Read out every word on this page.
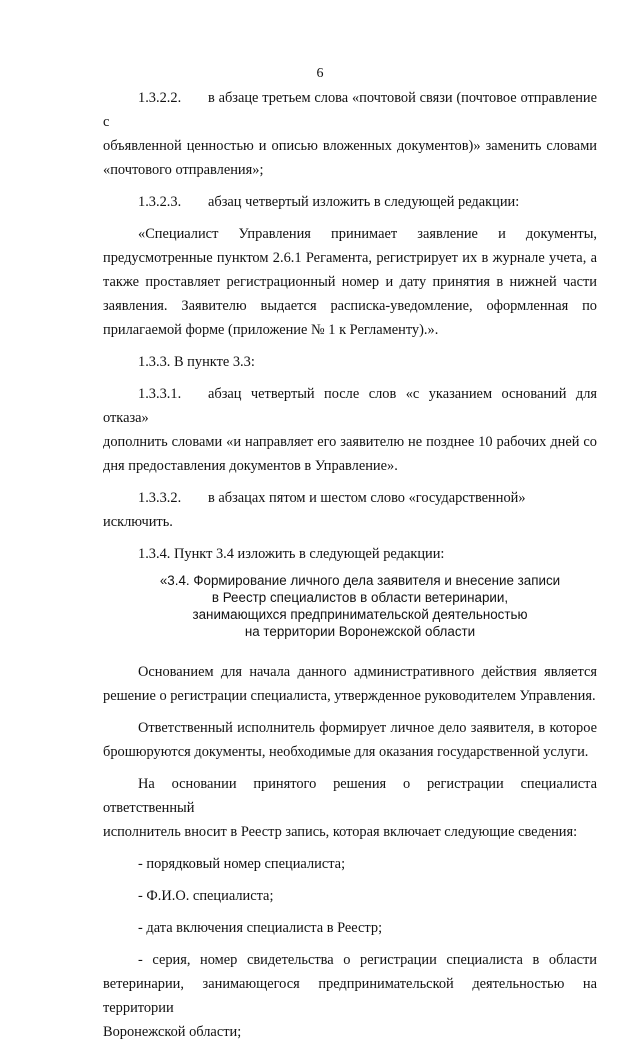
6

1.3.2.2. в абзаце третьем слова «почтовой связи (почтовое отправление с

объявленной ценностью и описью вложенных документов)» заменить словами

«почтового отправления»;

1.3.2.3. абзац четвертый изложить в следующей редакции:

«Специалист Управления принимает заявление и документы,

предусмотренные пунктом 2.6.1 Регамента, регистрирует их в журнале учета, а

также проставляет регистрационный номер и дату принятия в нижней части

заявления. Заявителю выдается расписка-уведомление, оформленная по

прилагаемой форме (приложение № 1 к Регламенту).».

1.3.3. В пункте 3.3:

1.3.3.1. абзац четвертый после слов «с указанием оснований для отказа»

дополнить словами «и направляет его заявителю не позднее 10 рабочих дней со

дня предоставления документов в Управление».

1.3.3.2. в абзацах пятом и шестом слово «государственной» исключить.

1.3.4. Пункт 3.4 изложить в следующей редакции:

«3.4. Формирование личного дела заявителя и внесение записи
в Реестр специалистов в области ветеринарии,
занимающихся предпринимательской деятельностью
на территории Воронежской области

Основанием для начала данного административного действия является

решение о регистрации специалиста, утвержденное руководителем Управления.

Ответственный исполнитель формирует личное дело заявителя, в которое

брошюруются документы, необходимые для оказания государственной услуги.

На основании принятого решения о регистрации специалиста ответственный

исполнитель вносит в Реестр запись, которая включает следующие сведения:

- порядковый номер специалиста;

- Ф.И.О. специалиста;

- дата включения специалиста в Реестр;

- серия, номер свидетельства о регистрации специалиста в области

ветеринарии, занимающегося предпринимательской деятельностью на территории

Воронежской области;
